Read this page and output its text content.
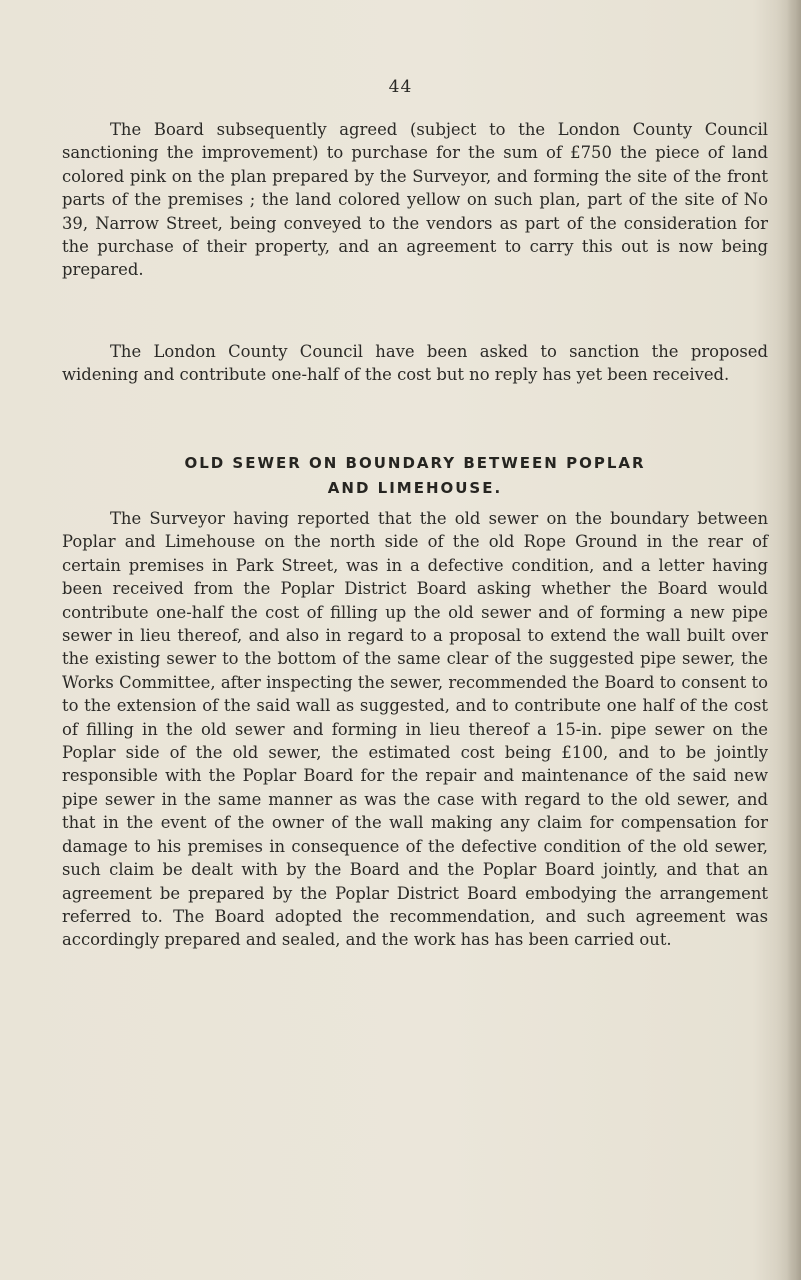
44

The Board subsequently agreed (subject to the London County Council sanctioning the improvement) to purchase for the sum of £750 the piece of land colored pink on the plan prepared by the Surveyor, and forming the site of the front parts of the premises ; the land colored yellow on such plan, part of the site of No 39, Narrow Street, being conveyed to the vendors as part of the consideration for the purchase of their property, and an agreement to carry this out is now being prepared.

The London County Council have been asked to sanction the proposed widening and contribute one-half of the cost but no reply has yet been received.

OLD SEWER ON BOUNDARY BETWEEN POPLAR
AND LIMEHOUSE.

The Surveyor having reported that the old sewer on the boundary between Poplar and Limehouse on the north side of the old Rope Ground in the rear of certain premises in Park Street, was in a defective condition, and a letter having been received from the Poplar District Board asking whether the Board would contribute one-half the cost of filling up the old sewer and of forming a new pipe sewer in lieu thereof, and also in regard to a proposal to extend the wall built over the existing sewer to the bottom of the same clear of the suggested pipe sewer, the Works Committee, after inspecting the sewer, recommended the Board to consent to to the extension of the said wall as suggested, and to contribute one half of the cost of filling in the old sewer and forming in lieu thereof a 15-in. pipe sewer on the Poplar side of the old sewer, the estimated cost being £100, and to be jointly responsible with the Poplar Board for the repair and maintenance of the said new pipe sewer in the same manner as was the case with regard to the old sewer, and that in the event of the owner of the wall making any claim for compensation for damage to his premises in consequence of the defective condition of the old sewer, such claim be dealt with by the Board and the Poplar Board jointly, and that an agreement be prepared by the Poplar District Board embodying the arrangement referred to. The Board adopted the recommendation, and such agreement was accordingly prepared and sealed, and the work has has been carried out.
